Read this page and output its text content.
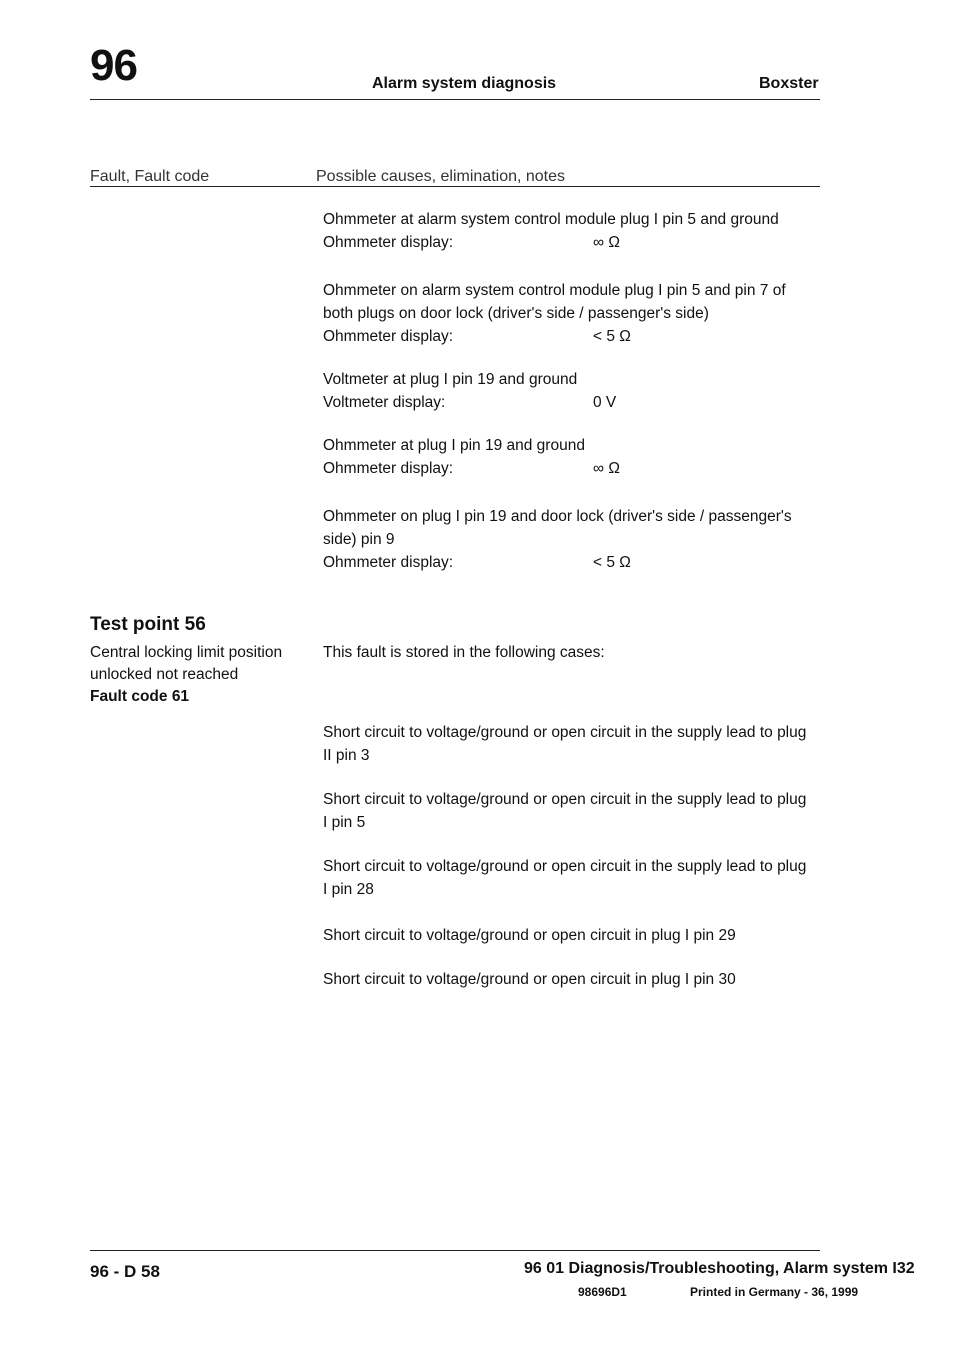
96	Alarm system diagnosis	Boxster
Fault, Fault code	Possible causes, elimination, notes
Ohmmeter at alarm system control module plug I pin 5 and ground
Ohmmeter display:	∞ Ω
Ohmmeter on alarm system control module plug I pin 5 and pin 7 of
both plugs on door lock (driver's side / passenger's side)
Ohmmeter display:	< 5 Ω
Voltmeter at plug I pin 19 and ground
Voltmeter display:	0 V
Ohmmeter at plug I pin 19 and ground
Ohmmeter display:	∞ Ω
Ohmmeter on plug I pin 19 and door lock (driver's side / passenger's
side) pin 9
Ohmmeter display:	< 5 Ω
Test point 56
Central locking limit position
unlocked not reached
Fault code 61
This fault is stored in the following cases:
Short circuit to voltage/ground or open circuit in the supply lead to plug
II pin 3
Short circuit to voltage/ground or open circuit in the supply lead to plug
I pin 5
Short circuit to voltage/ground or open circuit in the supply lead to plug
I pin 28
Short circuit to voltage/ground or open circuit in plug I pin 29
Short circuit to voltage/ground or open circuit in plug I pin 30
96 - D 58	96 01 Diagnosis/Troubleshooting, Alarm system I32
98696D1	Printed in Germany - 36, 1999
